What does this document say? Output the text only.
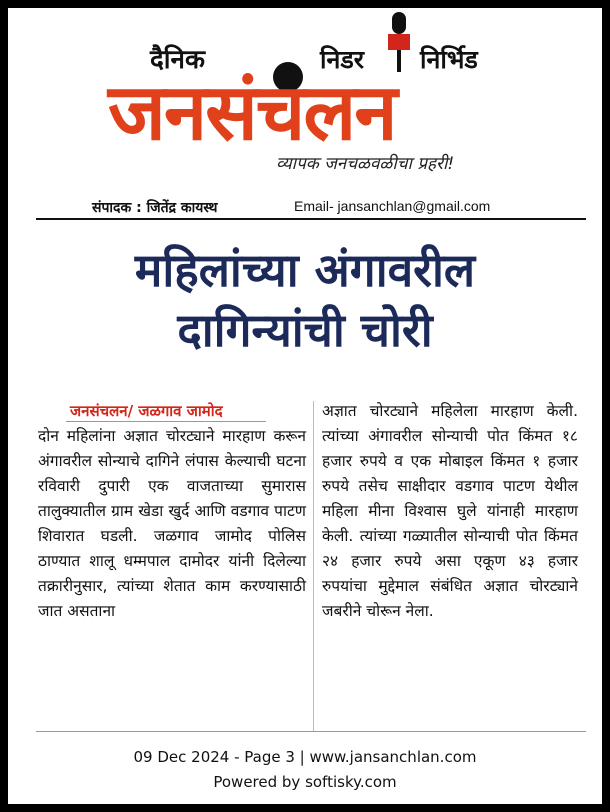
दैनिक	निडर निर्भिड
जनसंचलन
व्यापक जनचळवळीचा प्रहरी!
संपादक : जितेंद्र कायस्थ	Email- jansanchlan@gmail.com
महिलांच्या अंगावरील
दागिन्यांची चोरी
जनसंचलन/ जळगाव जामोद
दोन महिलांना अज्ञात चोरट्याने मारहाण करून अंगावरील सोन्याचे दागिने लंपास केल्याची घटना रविवारी दुपारी एक वाजताच्या सुमारास तालुक्यातील ग्राम खेडा खुर्द आणि वडगाव पाटण शिवारात घडली. जळगाव जामोद पोलिस ठाण्यात शालू धम्मपाल दामोदर यांनी दिलेल्या तक्रारीनुसार, त्यांच्या शेतात काम करण्यासाठी जात असताना
अज्ञात चोरट्याने महिलेला मारहाण केली. त्यांच्या अंगावरील सोन्याची पोत किंमत १८ हजार रुपये व एक मोबाइल किंमत १ हजार रुपये तसेच साक्षीदार वडगाव पाटण येथील महिला मीना विश्वास घुले यांनाही मारहाण केली. त्यांच्या गळ्यातील सोन्याची पोत किंमत २४ हजार रुपये असा एकूण ४३ हजार रुपयांचा मुद्देमाल संबंधित अज्ञात चोरट्याने जबरीने चोरून नेला.
09 Dec 2024 - Page 3 | www.jansanchlan.com
Powered by softisky.com
